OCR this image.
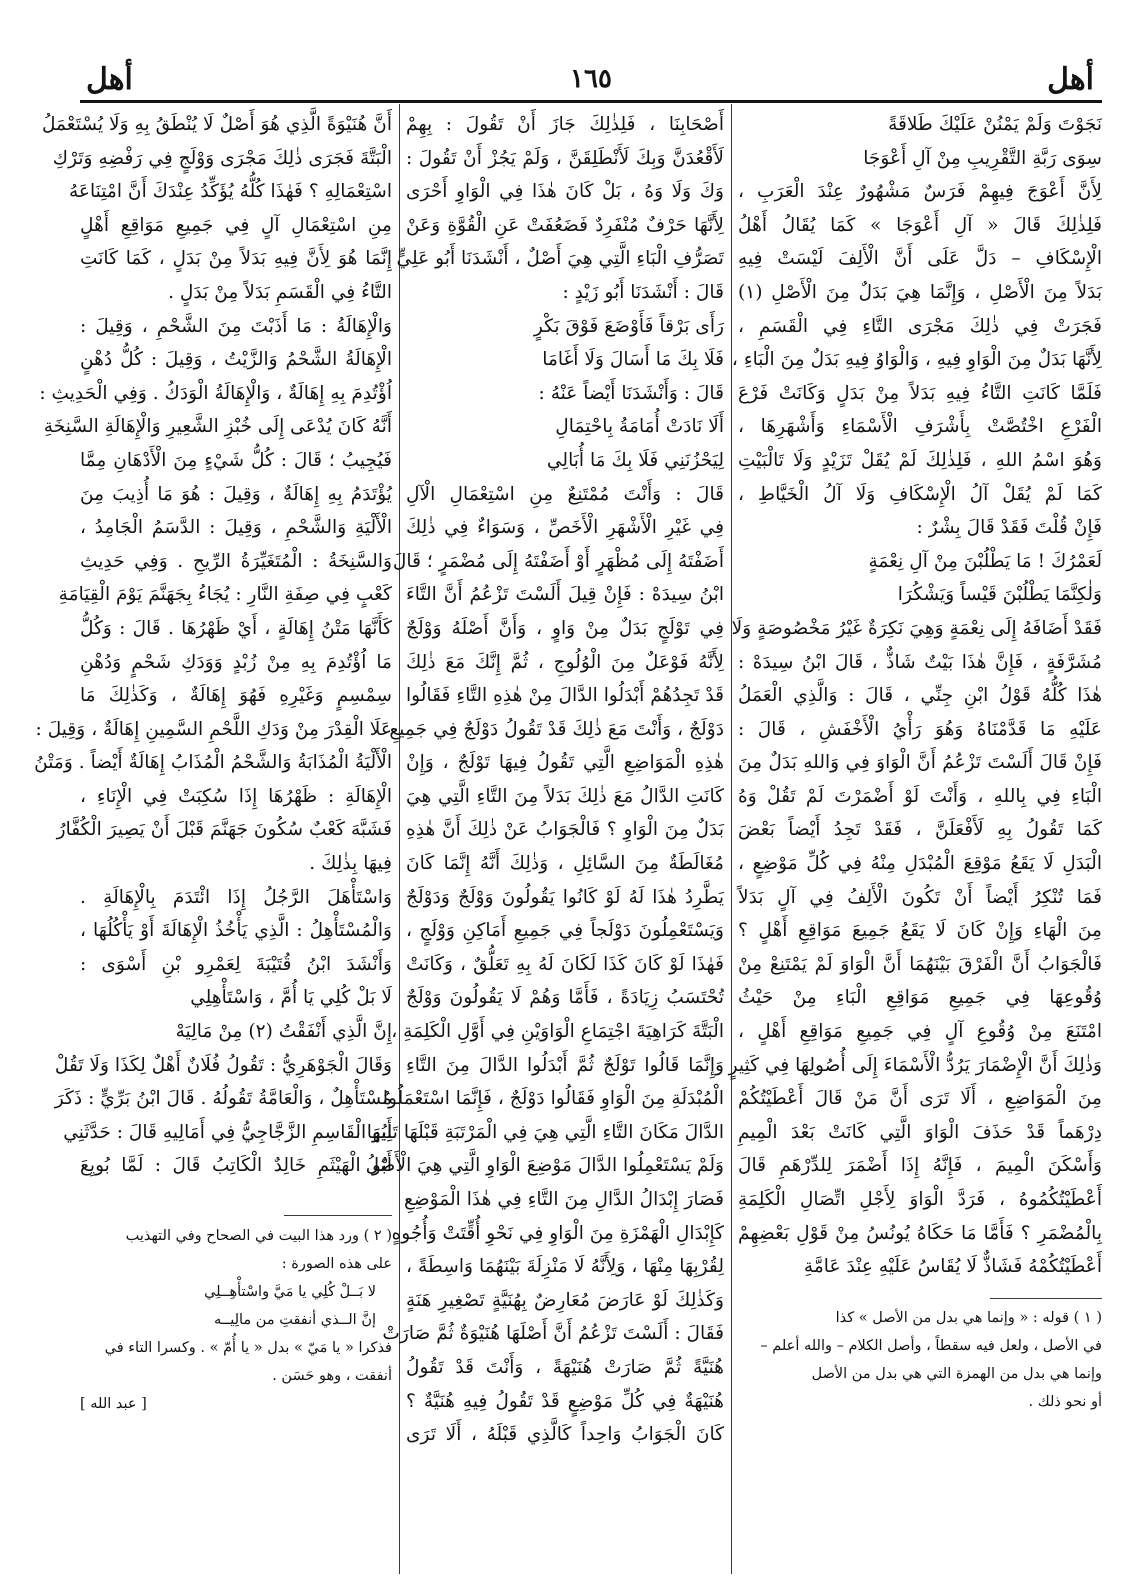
أهل
١٦٥
أهل
نَجَوْتَ وَلَمْ يَمْنُنْ عَلَيْكَ طَلاقَةً
سِوَى رَبَّةِ التَّقْرِيبِ مِنْ آلِ أَعْوَجَا
لِأَنَّ أَعْوَجَ فِيهِمْ فَرَسٌ مَشْهُورٌ عِنْدَ الْعَرَبِ ،
فَلِذٰلِكَ قَالَ « آلِ أَعْوَجَا » كَمَا يُقَالُ أَهْلُ
الْإِسْكَافِ – دَلَّ عَلَى أَنَّ الْأَلِفَ لَيْسَتْ فِيهِ
بَدَلاً مِنَ الْأَصْلِ ، وَإِنَّمَا هِيَ بَدَلٌ مِنَ الْأَصْلِ (١)
فَجَرَتْ فِي ذٰلِكَ مَجْرَى التَّاءِ فِي الْقَسَمِ ،
لِأَنَّهَا بَدَلٌ مِنَ الْوَاوِ فِيهِ ، وَالْوَاوُ فِيهِ بَدَلٌ مِنَ الْبَاءِ ،
فَلَمَّا كَانَتِ التَّاءُ فِيهِ بَدَلاً مِنْ بَدَلٍ وَكَانَتْ فَرْعَ
الْفَرْعِ اخْتُصَّتْ بِأَشْرَفِ الْأَسْمَاءِ وَأَشْهَرِهَا ،
وَهُوَ اسْمُ اللهِ ، فَلِذٰلِكَ لَمْ يُقَلْ تَزَيْدٍ وَلَا تَالْبَيْتِ
كَمَا لَمْ يُقَلْ آلُ الْإِسْكَافِ وَلَا آلُ الْخَيَّاطِ ،
فَإِنْ قُلْتَ فَقَدْ قَالَ بِشْرٌ :
لَعَمْرُكَ ! مَا يَطْلُبْنَ مِنْ آلِ نِعْمَةٍ
وَلٰكِنَّمَا يَطْلُبْنَ قَيْساً وَيَشْكُرَا
فَقَدْ أَضَافَهُ إِلَى نِعْمَةٍ وَهِيَ نَكِرَةٌ غَيْرُ مَخْصُوصَةٍ وَلَا
مُشَرَّفَةٍ ، فَإِنَّ هٰذَا بَيْتٌ شَاذٌّ ، قَالَ ابْنُ سِيدَهْ :
هٰذَا كُلُّهُ قَوْلُ ابْنِ جِنِّي ، قَالَ : وَالَّذِي الْعَمَلُ
عَلَيْهِ مَا قَدَّمْنَاهُ وَهُوَ رَأْيُ الْأَخْفَشِ ، قَالَ :
فَإِنْ قَالَ أَلَسْتَ تَزْعُمُ أَنَّ الْوَاوَ فِي وَاللهِ بَدَلٌ مِنَ
الْبَاءِ فِي بِاللهِ ، وَأَنْتَ لَوْ أَضْمَرْتَ لَمْ تَقُلْ وَهُ
كَمَا تَقُولُ بِهِ لَأَفْعَلَنَّ ، فَقَدْ تَجِدُ أَيْضاً بَعْضَ
الْبَدَلِ لَا يَقَعُ مَوْقِعَ الْمُبْدَلِ مِنْهُ فِي كُلِّ مَوْضِعٍ ،
فَمَا تُنْكِرُ أَيْضاً أَنْ تَكُونَ الْأَلِفُ فِي آلٍ بَدَلاً
مِنَ الْهَاءِ وَإِنْ كَانَ لَا يَقَعُ جَمِيعَ مَوَاقِعِ أَهْلٍ ؟
فَالْجَوَابُ أَنَّ الْفَرْقَ بَيْنَهُمَا أَنَّ الْوَاوَ لَمْ يَمْتَنِعْ مِنْ
وُقُوعِهَا فِي جَمِيعِ مَوَاقِعِ الْبَاءِ مِنْ حَيْثُ
امْتَنَعَ مِنْ وُقُوعِ آلٍ فِي جَمِيعِ مَوَاقِعِ أَهْلٍ ،
وَذٰلِكَ أَنَّ الْإِضْمَارَ يَرُدُّ الْأَسْمَاءَ إِلَى أُصُولِهَا فِي كَثِيرٍ
مِنَ الْمَوَاضِعِ ، أَلَا تَرَى أَنَّ مَنْ قَالَ أَعْطَيْتُكُمْ
دِرْهَماً قَدْ حَذَفَ الْوَاوَ الَّتِي كَانَتْ بَعْدَ الْمِيمِ
وَأَسْكَنَ الْمِيمَ ، فَإِنَّهُ إِذَا أَضْمَرَ لِلدِّرْهَمِ قَالَ
أَعْطَيْتُكُمُوهُ ، فَرَدَّ الْوَاوَ لِأَجْلِ اتِّصَالِ الْكَلِمَةِ
بِالْمُضْمَرِ ؟ فَأَمَّا مَا حَكَاهُ يُونُسُ مِنْ قَوْلِ بَعْضِهِمْ
أَعْطَيْتُكُمْهُ فَشَاذٌّ لَا يُقَاسُ عَلَيْهِ عِنْدَ عَامَّةِ
أَصْحَابِنَا ، فَلِذٰلِكَ جَازَ أَنْ تَقُولَ : بِهِمْ
لَأَقْعُدَنَّ وَبِكَ لَأَنْطَلِقَنَّ ، وَلَمْ يَجُزْ أَنْ تَقُولَ :
وَكَ وَلَا وَهُ ، بَلْ كَانَ هٰذَا فِي الْوَاوِ أَحْرَى
لِأَنَّهَا حَرْفٌ مُنْفَرِدٌ فَضَعُفَتْ عَنِ الْقُوَّةِ وَعَنْ
تَصَرُّفِ الْبَاءِ الَّتِي هِيَ أَصْلٌ ، أَنْشَدَنَا أَبُو عَلِيٍّ
قَالَ : أَنْشَدَنَا أَبُو زَيْدٍ :
رَأَى بَرْقاً فَأَوْضَعَ فَوْقَ بَكْرٍ
فَلَا بِكَ مَا أَسَالَ وَلَا أَغَامَا
قَالَ : وَأَنْشَدَنَا أَيْضاً عَنْهُ :
أَلَا نَادَتْ أُمَامَةُ بِاحْتِمَالِ
لِيَحْزُنَنِي فَلَا بِكَ مَا أُبَالِي
قَالَ : وَأَنْتَ مُمْتَنِعٌ مِنِ اسْتِعْمَالِ الْآلِ
فِي غَيْرِ الْأَشْهَرِ الْأَخَصِّ ، وَسَوَاءٌ فِي ذٰلِكَ
أَضَفْتَهُ إِلَى مُظْهَرٍ أَوْ أَضَفْتَهُ إِلَى مُضْمَرٍ ؛ قَالَ
ابْنُ سِيدَهْ : فَإِنْ قِيلَ أَلَسْتَ تَزْعُمُ أَنَّ التَّاءَ
فِي تَوْلَجٍ بَدَلٌ مِنْ وَاوٍ ، وَأَنَّ أَصْلَهُ وَوْلَجٌ
لِأَنَّهُ فَوْعَلٌ مِنَ الْوُلُوجِ ، ثُمَّ إِنَّكَ مَعَ ذٰلِكَ
قَدْ تَجِدُهُمْ أَبْدَلُوا الدَّالَ مِنْ هٰذِهِ التَّاءِ فَقَالُوا
دَوْلَجٌ ، وَأَنْتَ مَعَ ذٰلِكَ قَدْ تَقُولُ دَوْلَجٌ فِي جَمِيعِ
هٰذِهِ الْمَوَاضِعِ الَّتِي تَقُولُ فِيهَا تَوْلَجٌ ، وَإِنْ
كَانَتِ الدَّالُ مَعَ ذٰلِكَ بَدَلاً مِنَ التَّاءِ الَّتِي هِيَ
بَدَلٌ مِنَ الْوَاوِ ؟ فَالْجَوَابُ عَنْ ذٰلِكَ أَنَّ هٰذِهِ
مُغَالَطَةٌ مِنَ السَّائِلِ ، وَذٰلِكَ أَنَّهُ إِنَّمَا كَانَ
يَطَّرِدُ هٰذَا لَهُ لَوْ كَانُوا يَقُولُونَ وَوْلَجٌ وَدَوْلَجٌ
وَيَسْتَعْمِلُونَ دَوْلَجاً فِي جَمِيعِ أَمَاكِنِ وَوْلَجٍ ،
فَهٰذَا لَوْ كَانَ كَذَا لَكَانَ لَهُ بِهِ تَعَلُّقٌ ، وَكَانَتْ
تُحْتَسَبُ زِيَادَةً ، فَأَمَّا وَهُمْ لَا يَقُولُونَ وَوْلَجٌ
الْبَتَّةَ كَرَاهِيَةَ اجْتِمَاعِ الْوَاوَيْنِ فِي أَوَّلِ الْكَلِمَةِ ،
وَإِنَّمَا قَالُوا تَوْلَجٌ ثُمَّ أَبْدَلُوا الدَّالَ مِنَ التَّاءِ
الْمُبْدَلَةِ مِنَ الْوَاوِ فَقَالُوا دَوْلَجٌ ، فَإِنَّمَا اسْتَعْمَلُوا
الدَّالَ مَكَانَ التَّاءِ الَّتِي هِيَ فِي الْمَرْتَبَةِ قَبْلَهَا تَلِيهَا ،
وَلَمْ يَسْتَعْمِلُوا الدَّالَ مَوْضِعَ الْوَاوِ الَّتِي هِيَ الْأَصْلُ
فَصَارَ إِبْدَالُ الدَّالِ مِنَ التَّاءِ فِي هٰذَا الْمَوْضِعِ
كَإِبْدَالِ الْهَمْزَةِ مِنَ الْوَاوِ فِي نَحْوِ أُقِّتَتْ وَأُجُوهٍ
لِقُرْبِهَا مِنْهَا ، وَلِأَنَّهُ لَا مَنْزِلَةَ بَيْنَهُمَا وَاسِطَةً ،
وَكَذٰلِكَ لَوْ عَارَضَ مُعَارِضٌ بِهُنَيَّةٍ تَصْغِيرِ هَنَةٍ
فَقَالَ : أَلَسْتَ تَزْعُمُ أَنَّ أَصْلَهَا هُنَيْوَةٌ ثُمَّ صَارَتْ
هُنَيَّةً ثُمَّ صَارَتْ هُنَيْهَةً ، وَأَنْتَ قَدْ تَقُولُ
هُنَيْهَةٌ فِي كُلِّ مَوْضِعٍ قَدْ تَقُولُ فِيهِ هُنَيَّةٌ ؟
كَانَ الْجَوَابُ وَاحِداً كَالَّذِي قَبْلَهُ ، أَلَا تَرَى
أَنَّ هُنَيْوَةً الَّذِي هُوَ أَصْلٌ لَا يُنْطَقُ بِهِ وَلَا يُسْتَعْمَلُ
الْبَتَّةَ فَجَرَى ذٰلِكَ مَجْرَى وَوْلَجٍ فِي رَفْضِهِ وَتَرْكِ
اسْتِعْمَالِهِ ؟ فَهٰذَا كُلُّهُ يُؤَكِّدُ عِنْدَكَ أَنَّ امْتِنَاعَهُ
مِنِ اسْتِعْمَالِ آلٍ فِي جَمِيعِ مَوَاقِعِ أَهْلٍ
إِنَّمَا هُوَ لِأَنَّ فِيهِ بَدَلاً مِنْ بَدَلٍ ، كَمَا كَانَتِ
التَّاءُ فِي الْقَسَمِ بَدَلاً مِنْ بَدَلٍ .
وَالْإِهَالَةُ : مَا أَذَبْتَ مِنَ الشَّحْمِ ، وَقِيلَ :
الْإِهَالَةُ الشَّحْمُ وَالزَّيْتُ ، وَقِيلَ : كُلُّ دُهْنٍ
اُؤْتُدِمَ بِهِ إِهَالَةٌ ، وَالْإِهَالَةُ الْوَدَكُ . وَفِي الْحَدِيثِ :
أَنَّهُ كَانَ يُدْعَى إِلَى خُبْزِ الشَّعِيرِ وَالْإِهَالَةِ السَّنِخَةِ
فَيُجِيبُ ؛ قَالَ : كُلُّ شَيْءٍ مِنَ الْأَدْهَانِ مِمَّا
يُؤْتَدَمُ بِهِ إِهَالَةٌ ، وَقِيلَ : هُوَ مَا أُذِيبَ مِنَ
الْأَلْيَةِ وَالشَّحْمِ ، وَقِيلَ : الدَّسَمُ الْجَامِدُ ،
وَالسَّنِخَةُ : الْمُتَغَيِّرَةُ الرِّيحِ . وَفِي حَدِيثِ
كَعْبٍ فِي صِفَةِ النَّارِ : يُجَاءُ بِجَهَنَّمَ يَوْمَ الْقِيَامَةِ
كَأَنَّهَا مَتْنُ إِهَالَةٍ ، أَيْ ظَهْرُهَا . قَالَ : وَكُلُّ
مَا اُؤْتُدِمَ بِهِ مِنْ زُبْدٍ وَوَدَكِ شَحْمٍ وَدُهْنِ
سِمْسِمٍ وَغَيْرِهِ فَهُوَ إِهَالَةٌ ، وَكَذٰلِكَ مَا
عَلَا الْقِدْرَ مِنْ وَدَكِ اللَّحْمِ السَّمِينِ إِهَالَةٌ ، وَقِيلَ :
الْأَلْيَةُ الْمُذَابَةُ وَالشَّحْمُ الْمُذَابُ إِهَالَةٌ أَيْضاً . وَمَتْنُ
الْإِهَالَةِ : ظَهْرُهَا إِذَا سُكِبَتْ فِي الْإِنَاءِ ،
فَشَبَّهَ كَعْبٌ سُكُونَ جَهَنَّمَ قَبْلَ أَنْ يَصِيرَ الْكُفَّارُ
فِيهَا بِذٰلِكَ .
وَاسْتَأْهَلَ الرَّجُلُ إِذَا ائْتَدَمَ بِالْإِهَالَةِ .
وَالْمُسْتَأْهِلُ : الَّذِي يَأْخُذُ الْإِهَالَةَ أَوْ يَأْكُلُهَا ،
وَأَنْشَدَ ابْنُ قُتَيْبَةَ لِعَمْرِو بْنِ أَسْوَى :
لَا بَلْ كُلِي يَا أُمَّ ، وَاسْتَأْهِلِي
إِنَّ الَّذِي أَنْفَقْتُ (٢) مِنْ مَالِيَهْ
وَقَالَ الْجَوْهَرِيُّ : تَقُولُ فُلَانٌ أَهْلٌ لِكَذَا وَلَا تَقُلْ
مُسْتَأْهِلٌ ، وَالْعَامَّةُ تَقُولُهُ . قَالَ ابْنُ بَرِّيٍّ : ذَكَرَ
أَبُو الْقَاسِمِ الزَّجَّاجِيُّ فِي أَمَالِيهِ قَالَ : حَدَّثَنِي
أَبُو الْهَيْثَمِ خَالِدٌ الْكَاتِبُ قَالَ : لَمَّا بُويِعَ
( ١ ) قوله : « وإنما هي بدل من الأصل » كذا
في الأصل ، ولعل فيه سقطاً ، وأصل الكلام – والله أعلم –
وإنما هي بدل من الهمزة التي هي بدل من الأصل
أو نحو ذلك .
( ٢ ) ورد هذا البيت في الصحاح وفي التهذيب
على هذه الصورة :
لا بَــلْ كُلِي يا مَيَّ واسْتأْهِــلِي
إنَّ الــذي أنفقتِ من مالِيــه
فذكرا « يا مَيّ » بدل « يا أُمّ » . وكسرا التاء في
أنفقت ، وهو حَسَن .
[ عبد الله ]
